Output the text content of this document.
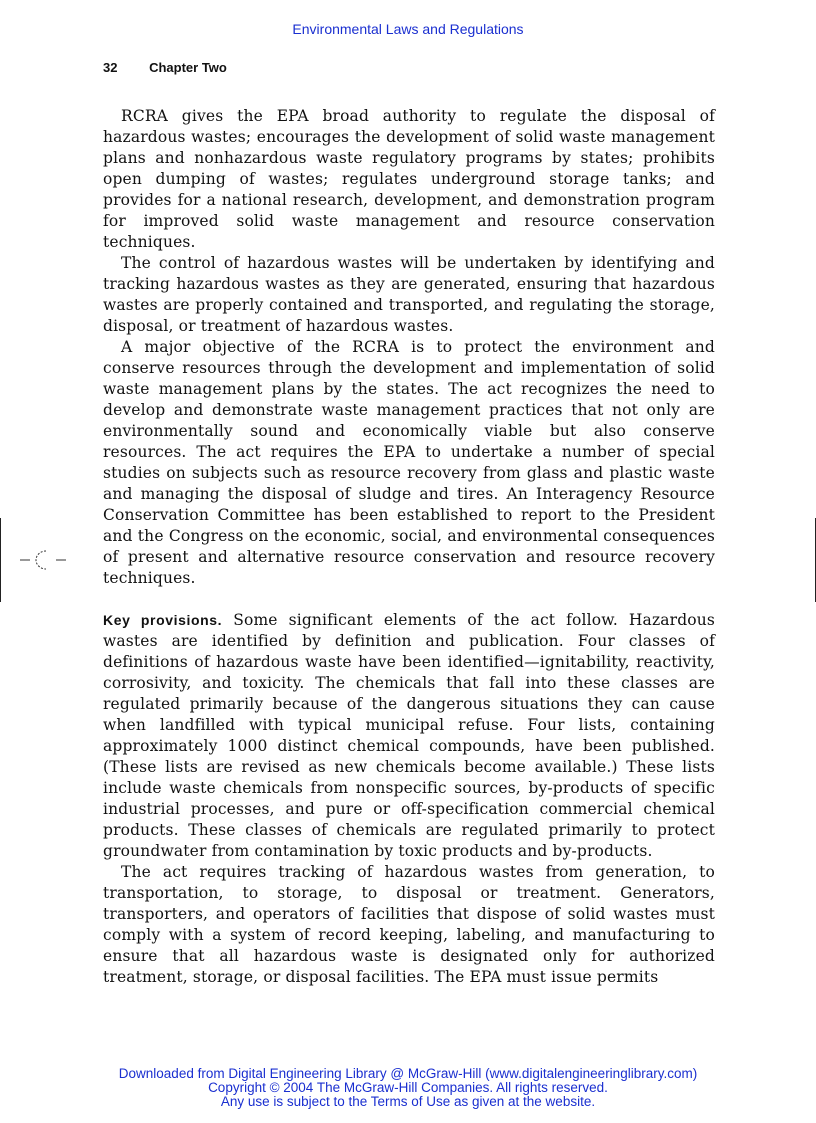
Environmental Laws and Regulations
32 Chapter Two

RCRA gives the EPA broad authority to regulate the disposal of hazardous wastes; encourages the development of solid waste management plans and nonhazardous waste regulatory programs by states; prohibits open dumping of wastes; regulates underground storage tanks; and provides for a national research, development, and demonstration program for improved solid waste management and resource conservation techniques.

The control of hazardous wastes will be undertaken by identifying and tracking hazardous wastes as they are generated, ensuring that hazardous wastes are properly contained and transported, and regulating the storage, disposal, or treatment of hazardous wastes.

A major objective of the RCRA is to protect the environment and conserve resources through the development and implementation of solid waste management plans by the states. The act recognizes the need to develop and demonstrate waste management practices that not only are environmentally sound and economically viable but also conserve resources. The act requires the EPA to undertake a number of special studies on subjects such as resource recovery from glass and plastic waste and managing the disposal of sludge and tires. An Interagency Resource Conservation Committee has been established to report to the President and the Congress on the economic, social, and environmental consequences of present and alternative resource conservation and resource recovery techniques.

Key provisions. Some significant elements of the act follow. Hazardous wastes are identified by definition and publication. Four classes of definitions of hazardous waste have been identified—ignitability, reactivity, corrosivity, and toxicity. The chemicals that fall into these classes are regulated primarily because of the dangerous situations they can cause when landfilled with typical municipal refuse. Four lists, containing approximately 1000 distinct chemical compounds, have been published. (These lists are revised as new chemicals become available.) These lists include waste chemicals from nonspecific sources, by-products of specific industrial processes, and pure or off-specification commercial chemical products. These classes of chemicals are regulated primarily to protect groundwater from contamination by toxic products and by-products.

The act requires tracking of hazardous wastes from generation, to transportation, to storage, to disposal or treatment. Generators, transporters, and operators of facilities that dispose of solid wastes must comply with a system of record keeping, labeling, and manufacturing to ensure that all hazardous waste is designated only for authorized treatment, storage, or disposal facilities. The EPA must issue permits

Downloaded from Digital Engineering Library @ McGraw-Hill (www.digitalengineeringlibrary.com)
Copyright © 2004 The McGraw-Hill Companies. All rights reserved.
Any use is subject to the Terms of Use as given at the website.
